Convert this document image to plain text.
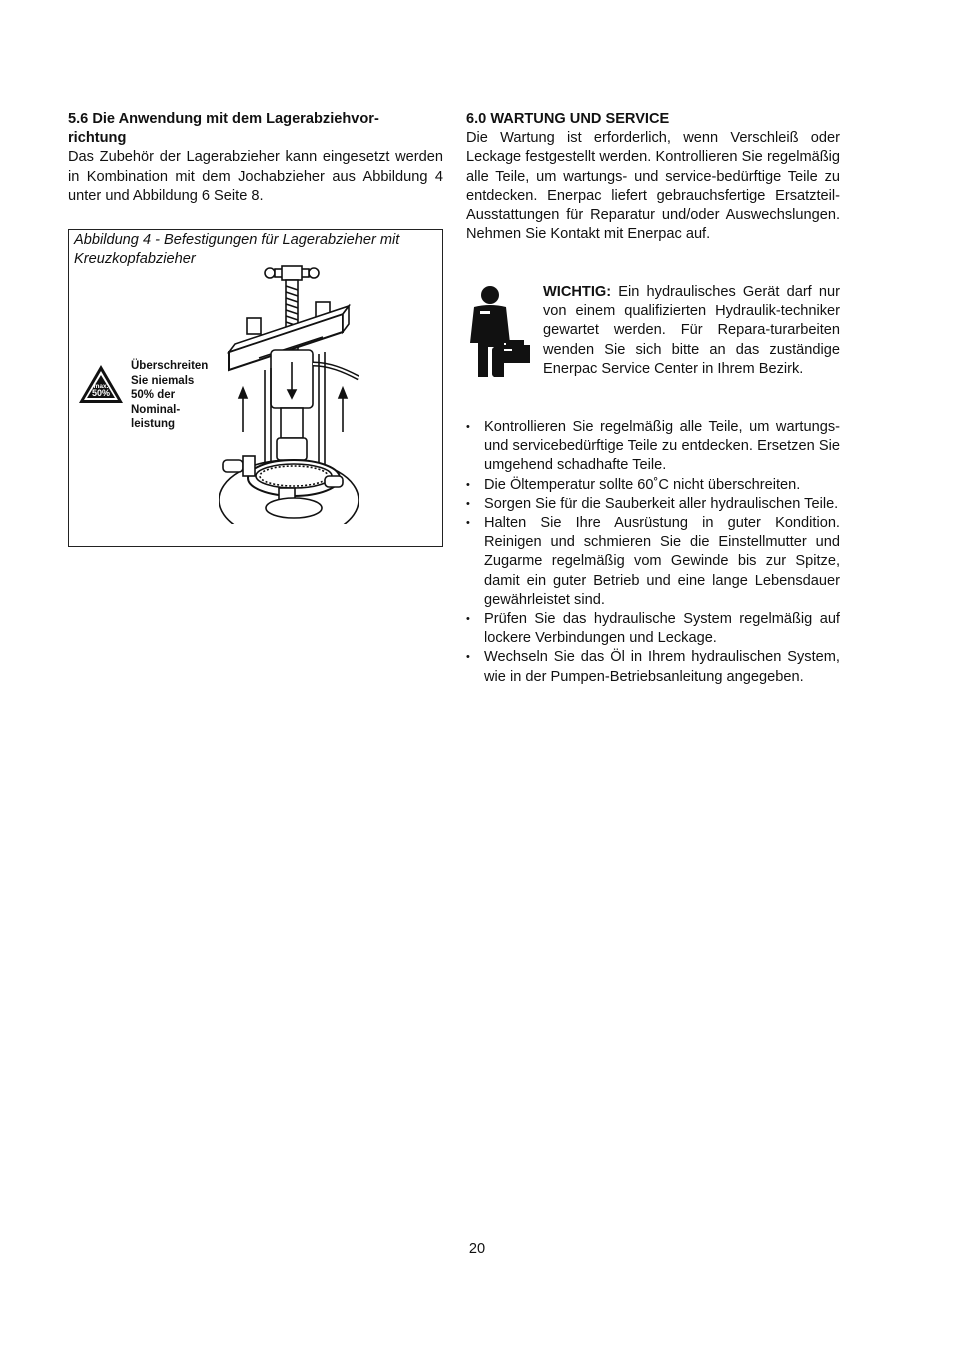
5.6 Die Anwendung mit dem Lagerabziehvor-
richtung

Das Zubehör der Lagerabzieher kann eingesetzt werden in Kombination mit dem Jochabzieher aus Abbildung 4 unter und Abbildung 6 Seite 8.

Abbildung 4 - Befestigungen für Lagerabzieher mit Kreuzkopfabzieher
max.
50%
Überschreiten
Sie niemals
50% der
Nominal-
leistung
6.0 WARTUNG UND SERVICE

Die Wartung ist erforderlich, wenn Verschleiß oder Leckage festgestellt werden. Kontrollieren Sie regelmäßig alle Teile, um wartungs- und service-bedürftige Teile zu entdecken. Enerpac liefert gebrauchsfertige Ersatzteil-Ausstattungen für Reparatur und/oder Auswechslungen. Nehmen Sie Kontakt mit Enerpac auf.

WICHTIG: Ein hydraulisches Gerät darf nur von einem qualifizierten Hydraulik-techniker gewartet werden. Für Repara-turarbeiten wenden Sie sich bitte an das zuständige Enerpac Service Center in Ihrem Bezirk.
• Kontrollieren Sie regelmäßig alle Teile, um wartungs- und servicebedürftige Teile zu entdecken. Ersetzen Sie umgehend schadhafte Teile.
• Die Öltemperatur sollte 60˚C nicht überschreiten.
• Sorgen Sie für die Sauberkeit aller hydraulischen Teile.
• Halten Sie Ihre Ausrüstung in guter Kondition. Reinigen und schmieren Sie die Einstellmutter und Zugarme regelmäßig vom Gewinde bis zur Spitze, damit ein guter Betrieb und eine lange Lebensdauer gewährleistet sind.
• Prüfen Sie das hydraulische System regelmäßig auf lockere Verbindungen und Leckage.
• Wechseln Sie das Öl in Ihrem hydraulischen System, wie in der Pumpen-Betriebsanleitung angegeben.
20
